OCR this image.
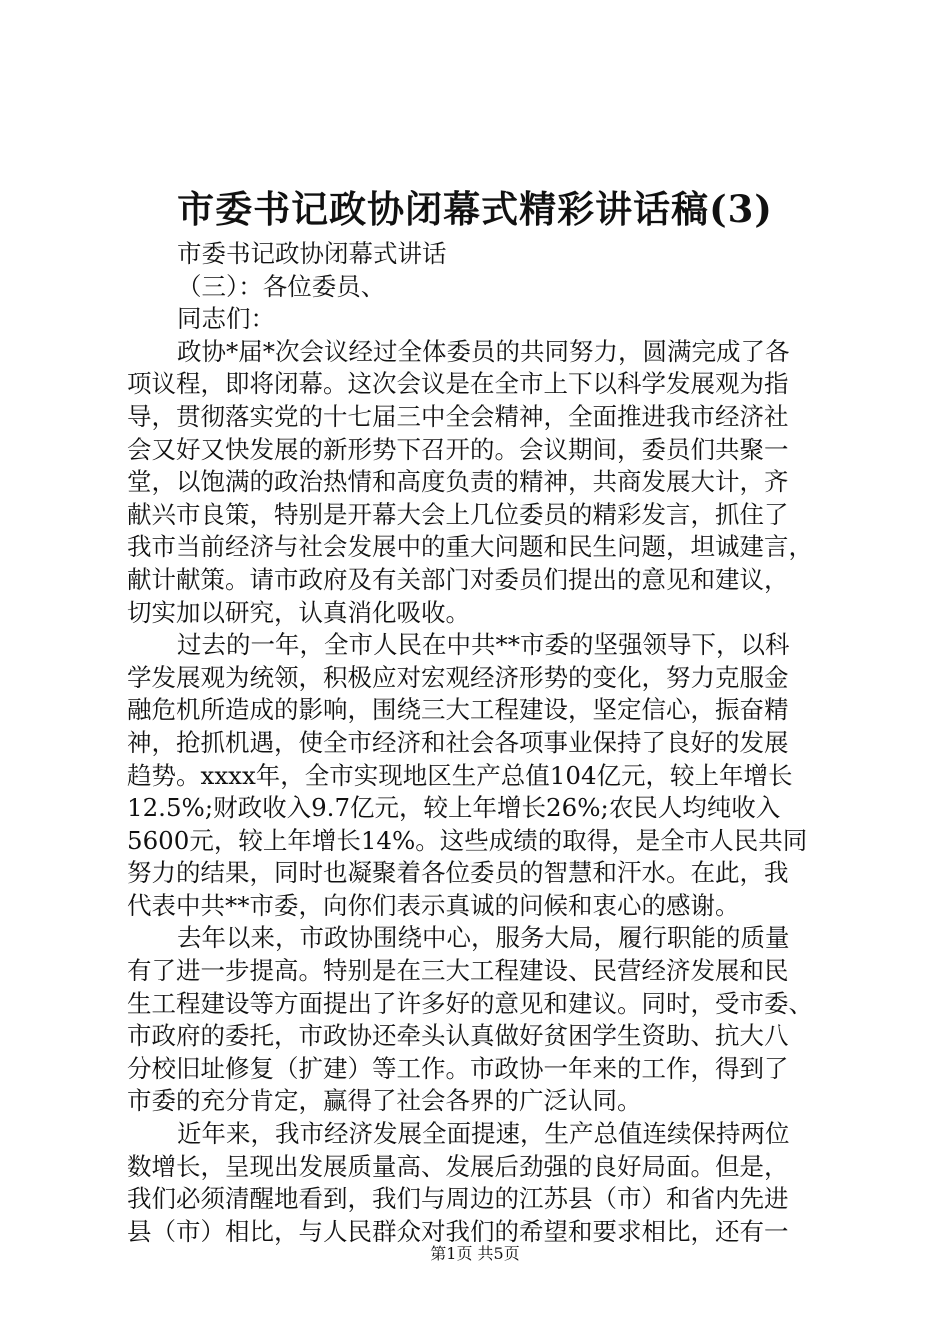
市委书记政协闭幕式精彩讲话稿(3)
市委书记政协闭幕式讲话
（三）：各位委员、
同志们：
政协*届*次会议经过全体委员的共同努力，圆满完成了各
项议程，即将闭幕。这次会议是在全市上下以科学发展观为指
导，贯彻落实党的十七届三中全会精神，全面推进我市经济社
会又好又快发展的新形势下召开的。会议期间，委员们共聚一
堂，以饱满的政治热情和高度负责的精神，共商发展大计，齐
献兴市良策，特别是开幕大会上几位委员的精彩发言，抓住了
我市当前经济与社会发展中的重大问题和民生问题，坦诚建言，
献计献策。请市政府及有关部门对委员们提出的意见和建议，
切实加以研究，认真消化吸收。
过去的一年，全市人民在中共**市委的坚强领导下，以科
学发展观为统领，积极应对宏观经济形势的变化，努力克服金
融危机所造成的影响，围绕三大工程建设，坚定信心，振奋精
神，抢抓机遇，使全市经济和社会各项事业保持了良好的发展
趋势。xxxx年，全市实现地区生产总值104亿元，较上年增长
12.5%;财政收入9.7亿元，较上年增长26%;农民人均纯收入
5600元，较上年增长14%。这些成绩的取得，是全市人民共同
努力的结果，同时也凝聚着各位委员的智慧和汗水。在此，我
代表中共**市委，向你们表示真诚的问候和衷心的感谢。
去年以来，市政协围绕中心，服务大局，履行职能的质量
有了进一步提高。特别是在三大工程建设、民营经济发展和民
生工程建设等方面提出了许多好的意见和建议。同时，受市委、
市政府的委托，市政协还牵头认真做好贫困学生资助、抗大八
分校旧址修复（扩建）等工作。市政协一年来的工作，得到了
市委的充分肯定，赢得了社会各界的广泛认同。
近年来，我市经济发展全面提速，生产总值连续保持两位
数增长，呈现出发展质量高、发展后劲强的良好局面。但是，
我们必须清醒地看到，我们与周边的江苏县（市）和省内先进
县（市）相比，与人民群众对我们的希望和要求相比，还有一
第1页 共5页
